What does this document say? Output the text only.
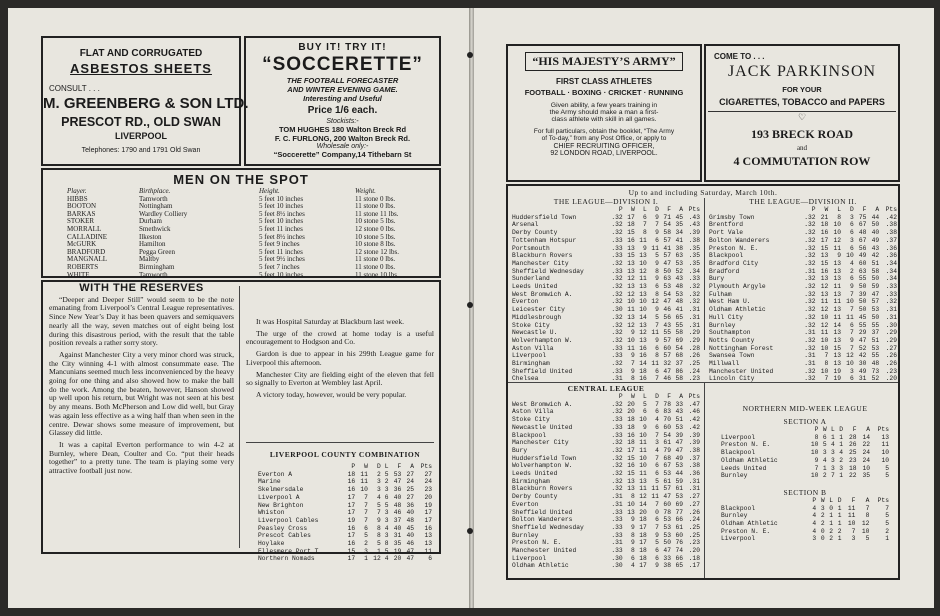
FLAT AND CORRUGATED
ASBESTOS SHEETS
CONSULT . . .
M. GREENBERG & SON LTD.
PRESCOT RD., OLD SWAN
LIVERPOOL
Telephones: 1790 and 1791 Old Swan
BUY IT! TRY IT!
“SOCCERETTE”
THE FOOTBALL FORECASTER
AND WINTER EVENING GAME.
Interesting and Useful
Price 1/6 each.
Stockists:-
TOM HUGHES 180 Walton Breck Rd
F. C. FURLONG, 200 Walton Breck Rd.
Wholesale only:-
“Soccerette” Company,14 Tithebarn St
MEN ON THE SPOT
Player.	Birthplace.	Height.	Weight.
HIBBS	Tamworth	5 feet 10 inches	11 stone 0 lbs.
BOOTON	Nottingham	5 feet 10 inches	11 stone 0 lbs.
BARKAS	Wardley Colliery	5 feet 8½ inches	11 stone 11 lbs.
STOKER	Durham	5 feet 10 inches	10 stone 5 lbs.
MORRALL	Smethwick	5 feet 11 inches	12 stone 0 lbs.
CALLADINE	Ilkeston	5 feet 8½ inches	10 stone 5 lbs.
McGURK	Hamilton	5 feet 9 inches	10 stone 8 lbs.
BRADFORD	Pegga Green	5 feet 11 inches	12 stone 12 lbs.
MANGNALL	Maltby	5 feet 9½ inches	11 stone 0 lbs.
ROBERTS	Birmingham	5 feet 7 inches	11 stone 0 lbs.
WHITE	Tamworth	5 feet 10 inches	11 stone 10 lbs.
WITH THE RESERVES

“Deeper and Deeper Still” would seem to be the note emanating from Liverpool’s Central League representatives. Since New Year’s Day it has been quavers and semiquavers nearly all the way, seven matches out of eight being lost during this disastrous period, with the result that the table position reveals a rather sorry story.

Against Manchester City a very minor chord was struck, the City winning 4-1 with almost consummate ease. The Mancunians seemed much less inconvenienced by the heavy going for one thing and also showed how to make the ball do the work. Among the beaten, however, Hanson showed up well upon his return, but Wright was not seen at his best by any means. Both McPherson and Low did well, but Gray was again less effective as a wing half than when seen in the centre. Dewar shows some measure of improvement, but Glassey did little.

It was a capital Everton performance to win 4-2 at Burnley, where Dean, Coulter and Co. “put their heads together” to a pretty tune. The team is playing some very attractive football just now.

It was Hospital Saturday at Blackburn last week.

The urge of the crowd at home today is a useful encouragement to Hodgson and Co.

Gardon is due to appear in his 299th League game for Liverpool this afternoon.

Manchester City are fielding eight of the eleven that fell so signally to Everton at Wembley last April.

A victory today, however, would be very popular.

LIVERPOOL COUNTY COMBINATION
	P	W	D	L	F	A	Pts
Everton A	18	11	2	5	53	27	27
Marine	16	11	3	2	47	24	24
Skelmersdale	16	10	3	3	36	25	23
Liverpool A	17	7	4	6	40	27	20
New Brighton	17	7	5	5	48	36	19
Whiston	17	7	7	3	46	40	17
Liverpool Cables	19	7	9	3	37	48	17
Peasley Cross	16	6	8	4	40	45	16
Prescot Cables	17	5	8	3	31	40	13
Hoylake	16	2	5	8	35	46	13
Ellesmere Port T	15	3	1	5	19	47	11
Northern Nomads	17	1	12	4	20	47	6
“HIS MAJESTY’S ARMY”
FIRST CLASS ATHLETES
FOOTBALL · BOXING · CRICKET · RUNNING
Given ability, a few years training in
the Army should make a man a first-
class athlete with skill in all games.
For full particulars, obtain the booklet, “The Army
of To-day,” from any Post Office, or apply to
CHIEF RECRUITING OFFICER,
92 LONDON ROAD, LIVERPOOL.
COME TO . . .
JACK PARKINSON
FOR YOUR
CIGARETTES, TOBACCO and PAPERS
♡
193 BRECK ROAD
and
4 COMMUTATION ROW
Up to and including Saturday, March 10th.
THE LEAGUE—DIVISION I.
	P	W	L	D	F	A	Pts
Huddersfield Town	.32	17	6	9	71	45	.43
Arsenal	.32	18	7	7	54	35	.43
Derby County	.32	15	8	9	58	34	.39
Tottenham Hotspur	.33	16	11	6	57	41	.38
Portsmouth	.33	13	9	11	41	38	.35
Blackburn Rovers	.33	15	13	5	57	63	.35
Manchester City	.32	13	10	9	47	53	.35
Sheffield Wednesday	.33	13	12	8	50	52	.34
Sunderland	.32	12	11	9	63	43	.33
Leeds United	.32	13	13	6	53	48	.32
West Bromwich A.	.32	12	13	8	54	53	.32
Everton	.32	10	10	12	47	48	.32
Leicester City	.30	11	10	9	46	41	.31
Middlesbrough	.32	13	14	5	56	65	.31
Stoke City	.32	12	13	7	43	55	.31
Newcastle U.	.32	9	12	11	55	58	.29
Wolverhampton W.	.32	10	13	9	57	69	.29
Aston Villa	.33	11	16	6	60	54	.28
Liverpool	.33	9	16	8	57	68	.26
Birmingham	.32	7	14	11	32	37	.25
Sheffield United	.33	9	18	6	47	86	.24
Chelsea	.31	8	16	7	46	58	.23
THE LEAGUE—DIVISION II.
	P	W	L	D	F	A	Pts
Grimsby Town	.32	21	8	3	75	44	.42
Brentford	.32	18	10	6	67	50	.38
Port Vale	.32	16	10	6	48	40	.38
Bolton Wanderers	.32	17	12	3	67	49	.37
Preston N. E.	.32	15	11	6	56	43	.36
Blackpool	.32	13	9	10	49	42	.36
Bradford City	.32	15	13	4	60	51	.34
Bradford	.31	16	13	2	63	58	.34
Bury	.32	13	13	6	55	50	.34
Plymouth Argyle	.32	12	11	9	50	59	.33
Fulham	.32	13	13	7	39	47	.33
West Ham U.	.32	11	11	10	50	57	.32
Oldham Athletic	.32	12	13	7	50	53	.31
Hull City	.32	10	11	11	45	50	.31
Burnley	.32	12	14	6	55	55	.30
Southampton	.31	11	13	7	29	37	.29
Notts County	.32	10	13	9	47	51	.29
Nottingham Forest	.32	10	15	7	52	53	.27
Swansea Town	.31	7	13	12	42	55	.26
Millwall	.31	8	13	10	30	48	.26
Manchester United	.32	10	19	3	49	73	.23
Lincoln City	.32	7	19	6	31	52	.20
CENTRAL LEAGUE
	P	W	L	D	F	A	Pts
West Bromwich A.	.32	20	5	7	78	33	.47
Aston Villa	.32	20	6	6	83	43	.46
Stoke City	.33	18	10	4	70	51	.42
Newcastle United	.33	18	9	6	60	53	.42
Blackpool	.33	16	10	7	54	39	.39
Manchester City	.32	18	11	3	61	47	.39
Bury	.32	17	11	4	79	47	.38
Huddersfield Town	.32	15	10	7	68	49	.37
Wolverhampton W.	.32	16	10	6	67	53	.38
Leeds United	.32	15	11	6	53	44	.36
Birmingham	.32	13	13	5	61	59	.31
Blackburn Rovers	.32	13	11	11	57	61	.31
Derby County	.31	8	12	11	47	53	.27
Everton	.31	10	14	7	60	69	.27
Sheffield United	.33	13	20	0	78	77	.26
Bolton Wanderers	.33	9	18	6	53	66	.24
Sheffield Wednesday	.33	9	17	7	53	61	.25
Burnley	.33	8	18	9	53	60	.25
Preston N. E.	.31	9	17	5	50	76	.23
Manchester United	.33	8	18	6	47	74	.20
Liverpool	.30	6	18	6	33	66	.18
Oldham Athletic	.30	4	17	9	38	65	.17
NORTHERN MID-WEEK LEAGUE
SECTION A
	P	W	L	D	F	A	Pts
Liverpool	8	6	1	1	28	14	13
Preston N. E.	10	5	4	1	26	22	11
Blackpool	10	3	3	4	25	24	10
Oldham Athletic	9	4	3	2	23	24	10
Leeds United	7	1	3	3	18	10	5
Burnley	10	2	7	1	22	35	5
SECTION B
	P	W	L	D	F	A	Pts
Blackpool	4	3	0	1	11	7	7
Burnley	4	2	1	1	11	8	5
Oldham Athletic	4	2	1	1	10	12	5
Preston N. E.	4	0	2	2	7	10	2
Liverpool	3	0	2	1	3	5	1
